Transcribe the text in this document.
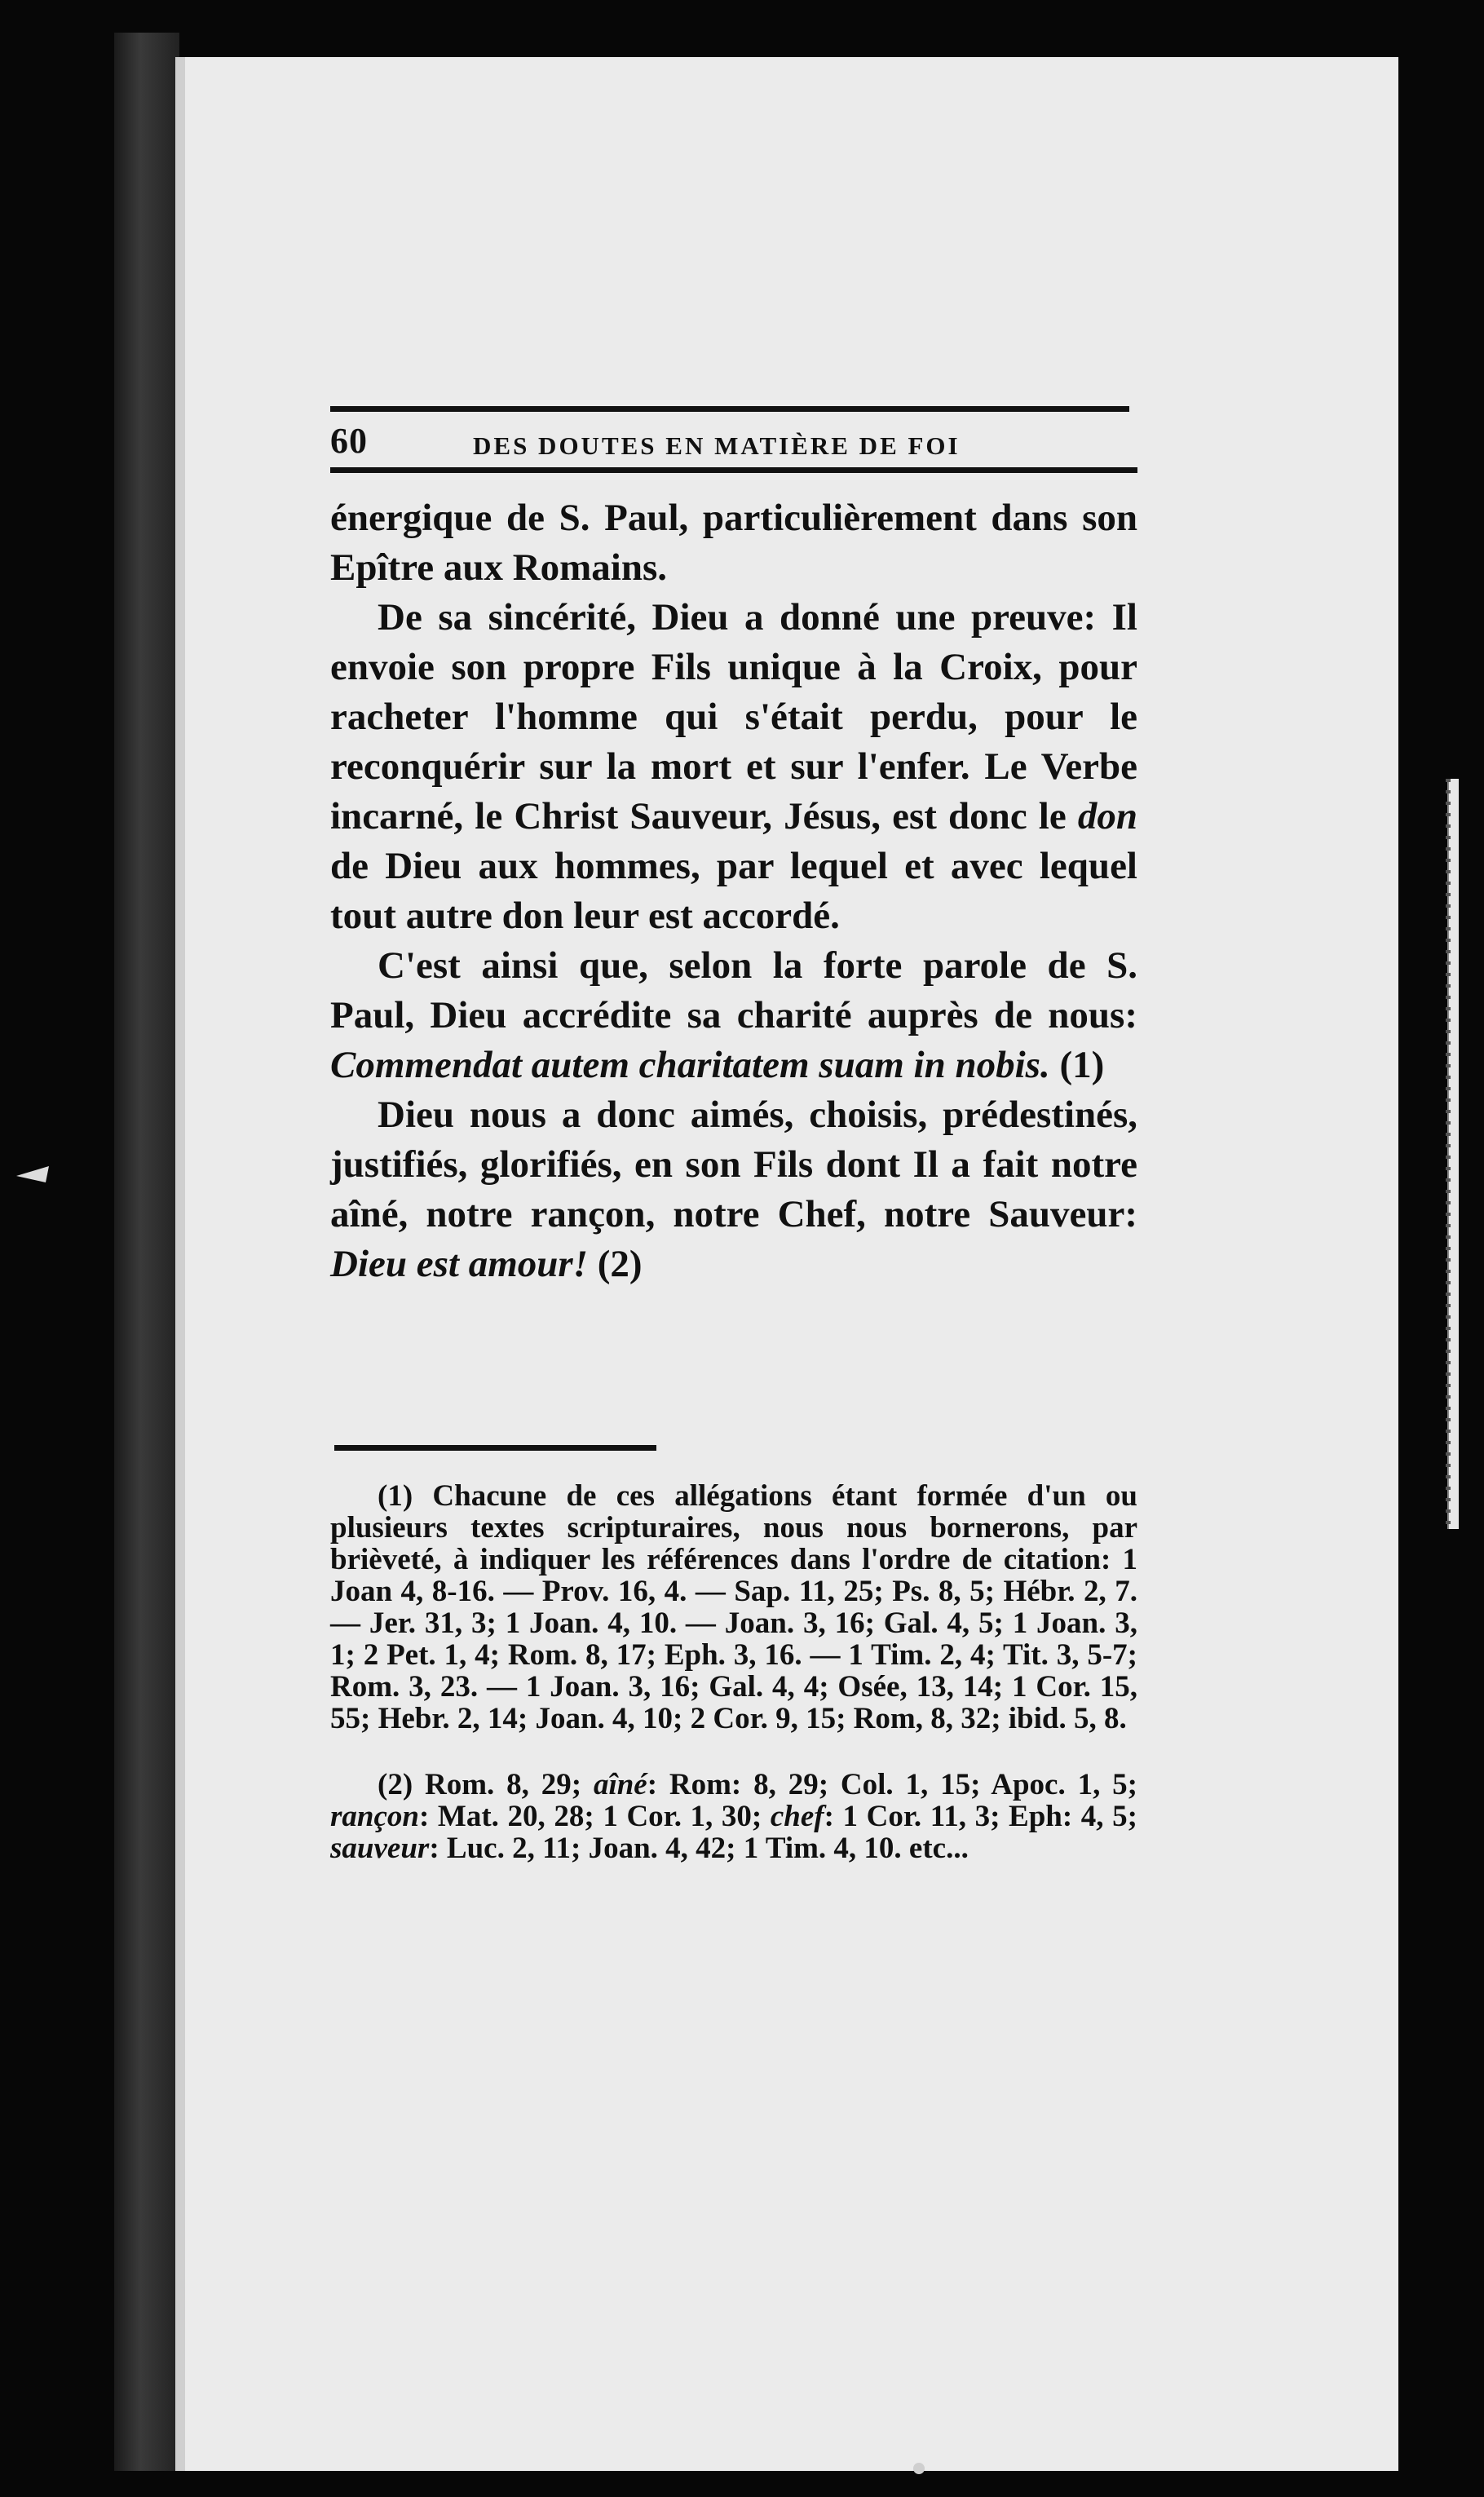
60	DES DOUTES EN MATIÈRE DE FOI

énergique de S. Paul, particulièrement dans son Epître aux Romains.

De sa sincérité, Dieu a donné une preuve: Il envoie son propre Fils unique à la Croix, pour racheter l'homme qui s'était perdu, pour le reconquérir sur la mort et sur l'enfer. Le Verbe incarné, le Christ Sauveur, Jésus, est donc le don de Dieu aux hommes, par lequel et avec lequel tout autre don leur est accordé.

C'est ainsi que, selon la forte parole de S. Paul, Dieu accrédite sa charité auprès de nous: Commendat autem charitatem suam in nobis. (1)

Dieu nous a donc aimés, choisis, prédestinés, justifiés, glorifiés, en son Fils dont Il a fait notre aîné, notre rançon, notre Chef, notre Sauveur: Dieu est amour! (2)

(1) Chacune de ces allégations étant formée d'un ou plusieurs textes scripturaires, nous nous bornerons, par brièveté, à indiquer les références dans l'ordre de citation: 1 Joan 4, 8-16. — Prov. 16, 4. — Sap. 11, 25; Ps. 8, 5; Hébr. 2, 7. — Jer. 31, 3; 1 Joan. 4, 10. — Joan. 3, 16; Gal. 4, 5; 1 Joan. 3, 1; 2 Pet. 1, 4; Rom. 8, 17; Eph. 3, 16. — 1 Tim. 2, 4; Tit. 3, 5-7; Rom. 3, 23. — 1 Joan. 3, 16; Gal. 4, 4; Osée, 13, 14; 1 Cor. 15, 55; Hebr. 2, 14; Joan. 4, 10; 2 Cor. 9, 15; Rom, 8, 32; ibid. 5, 8.

(2) Rom. 8, 29; aîné: Rom: 8, 29; Col. 1, 15; Apoc. 1, 5; rançon: Mat. 20, 28; 1 Cor. 1, 30; chef: 1 Cor. 11, 3; Eph: 4, 5; sauveur: Luc. 2, 11; Joan. 4, 42; 1 Tim. 4, 10. etc...
